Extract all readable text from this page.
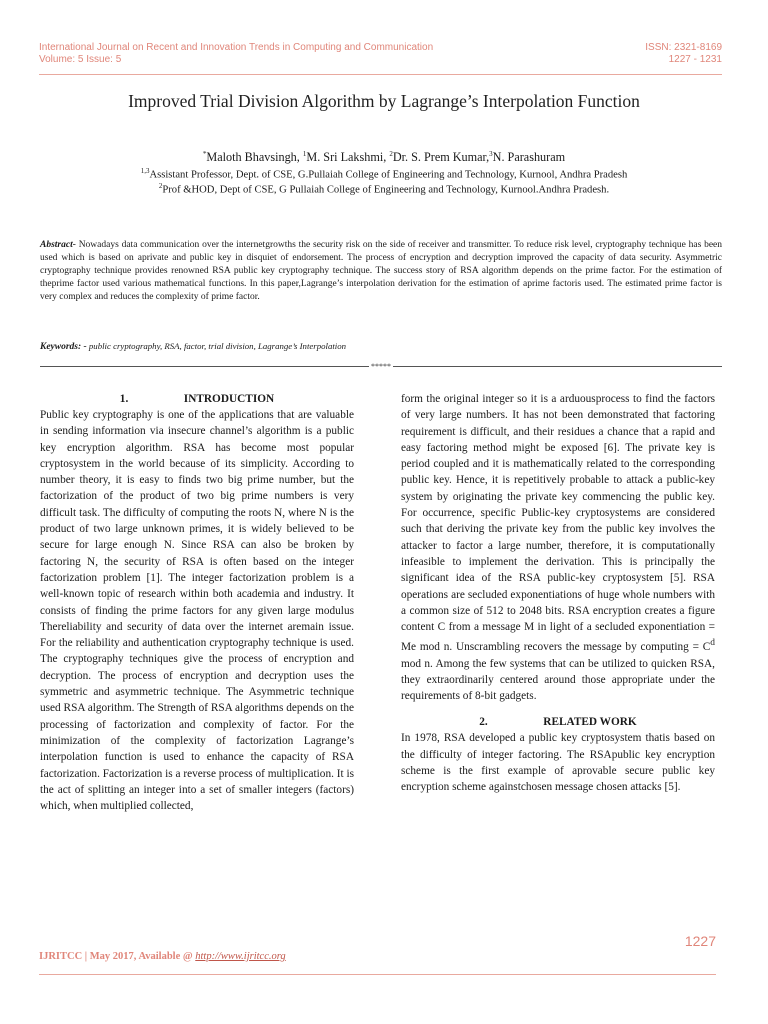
International Journal on Recent and Innovation Trends in Computing and Communication	ISSN: 2321-8169
Volume: 5 Issue: 5	1227 - 1231
Improved Trial Division Algorithm by Lagrange’s Interpolation Function
*Maloth Bhavsingh, $^1$M. Sri Lakshmi, $^2$Dr. S. Prem Kumar,$^3$N. Parashuram
$^{1,3}$Assistant Professor, Dept. of CSE, G.Pullaiah College of Engineering and Technology, Kurnool, Andhra Pradesh
$^2$Prof &HOD, Dept of CSE, G Pullaiah College of Engineering and Technology, Kurnool.Andhra Pradesh.
Abstract- Nowadays data communication over the internetgrowths the security risk on the side of receiver and transmitter. To reduce risk level, cryptography technique has been used which is based on aprivate and public key in disquiet of endorsement. The process of encryption and decryption improved the capacity of data security. Asymmetric cryptography technique provides renowned RSA public key cryptography technique. The success story of RSA algorithm depends on the prime factor. For the estimation of theprime factor used various mathematical functions. In this paper,Lagrange’s interpolation derivation for the estimation of aprime factoris used. The estimated prime factor is very complex and reduces the complexity of prime factor.
Keywords: - public cryptography, RSA, factor, trial division, Lagrange’s Interpolation
*****
1.	INTRODUCTION

Public key cryptography is one of the applications that are valuable in sending information via insecure channel’s algorithm is a public key encryption algorithm. RSA has become most popular cryptosystem in the world because of its simplicity. According to number theory, it is easy to finds two big prime number, but the factorization of the product of two big prime numbers is very difficult task. The difficulty of computing the roots N, where N is the product of two large unknown primes, it is widely believed to be secure for large enough N. Since RSA can also be broken by factoring N, the security of RSA is often based on the integer factorization problem [1]. The integer factorization problem is a well-known topic of research within both academia and industry. It consists of finding the prime factors for any given large modulus Thereliability and security of data over the internet aremain issue. For the reliability and authentication cryptography technique is used. The cryptography techniques give the process of encryption and decryption. The process of encryption and decryption uses the symmetric and asymmetric technique. The Asymmetric technique used RSA algorithm. The Strength of RSA algorithms depends on the processing of factorization and complexity of factor. For the minimization of the complexity of factorization Lagrange’s interpolation function is used to enhance the capacity of RSA factorization. Factorization is a reverse process of multiplication. It is the act of splitting an integer into a set of smaller integers (factors) which, when multiplied collected,

form the original integer so it is a arduousprocess to find the factors of very large numbers. It has not been demonstrated that factoring requirement is difficult, and their residues a chance that a rapid and easy factoring method might be exposed [6]. The private key is period coupled and it is mathematically related to the corresponding public key. Hence, it is repetitively probable to attack a public-key system by originating the private key commencing the public key. For occurrence, specific Public-key cryptosystems are considered such that deriving the private key from the public key involves the attacker to factor a large number, therefore, it is computationally infeasible to implement the derivation. This is principally the significant idea of the RSA public-key cryptosystem [5]. RSA operations are secluded exponentiations of huge whole numbers with a common size of 512 to 2048 bits. RSA encryption creates a figure content C from a message M in light of a secluded exponentiation = Me mod n. Unscrambling recovers the message by computing = $C^d$ mod n. Among the few systems that can be utilized to quicken RSA, they extraordinarily centered around those appropriate under the requirements of 8-bit gadgets.

2.	RELATED WORK

In 1978, RSA developed a public key cryptosystem thatis based on the difficulty of integer factoring. The RSApublic key encryption scheme is the first example of aprovable secure public key encryption scheme againstchosen message chosen attacks [5].

1227
IJRITCC | May 2017, Available @ http://www.ijritcc.org
